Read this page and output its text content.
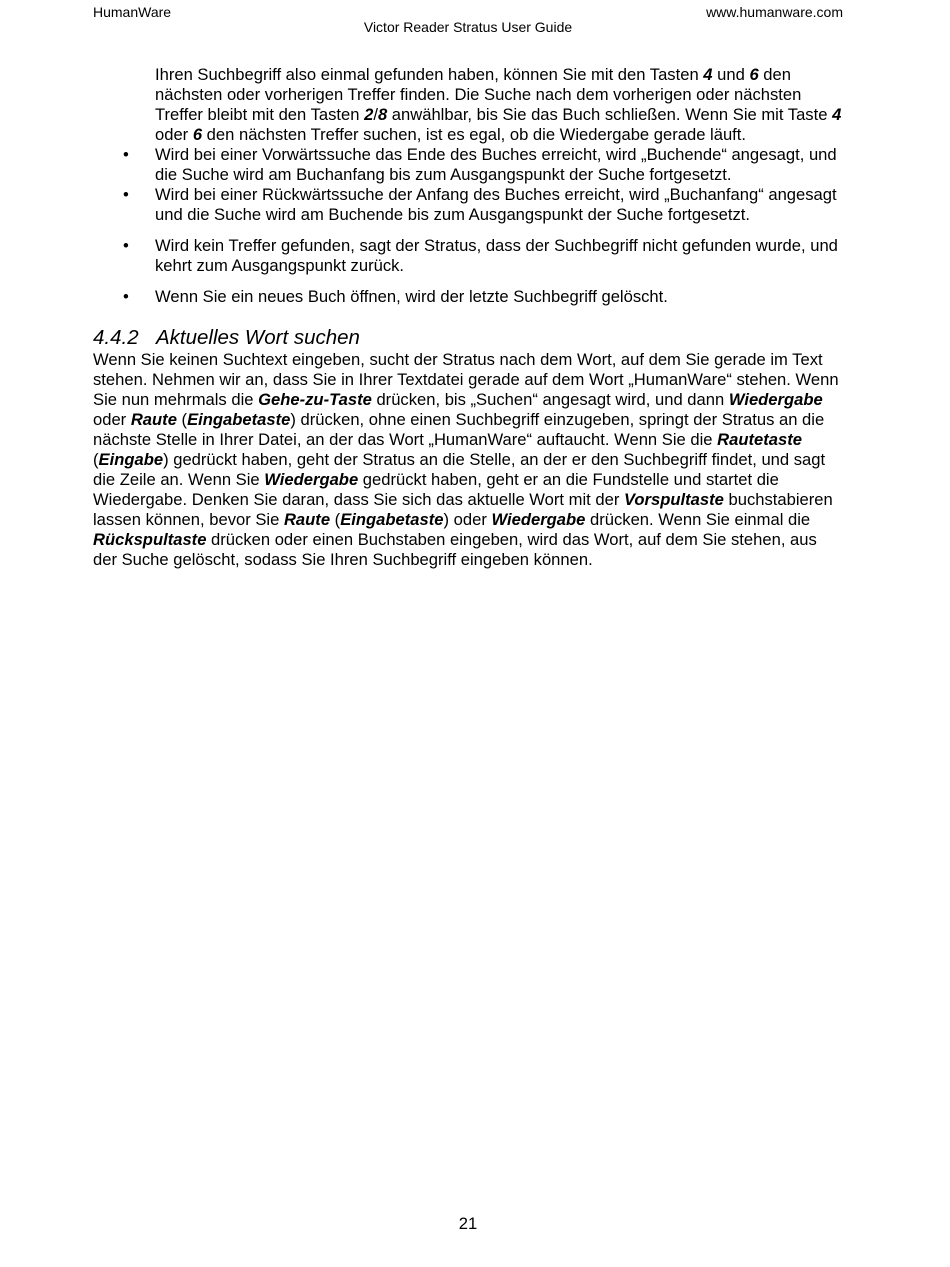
HumanWare	www.humanware.com
Victor Reader Stratus User Guide

Ihren Suchbegriff also einmal gefunden haben, können Sie mit den Tasten 4 und 6 den nächsten oder vorherigen Treffer finden. Die Suche nach dem vorherigen oder nächsten Treffer bleibt mit den Tasten 2/8 anwählbar, bis Sie das Buch schließen. Wenn Sie mit Taste 4 oder 6 den nächsten Treffer suchen, ist es egal, ob die Wiedergabe gerade läuft.

• Wird bei einer Vorwärtssuche das Ende des Buches erreicht, wird „Buchende“ angesagt, und die Suche wird am Buchanfang bis zum Ausgangspunkt der Suche fortgesetzt.
• Wird bei einer Rückwärtssuche der Anfang des Buches erreicht, wird „Buchanfang“ angesagt und die Suche wird am Buchende bis zum Ausgangspunkt der Suche fortgesetzt.
• Wird kein Treffer gefunden, sagt der Stratus, dass der Suchbegriff nicht gefunden wurde, und kehrt zum Ausgangspunkt zurück.
• Wenn Sie ein neues Buch öffnen, wird der letzte Suchbegriff gelöscht.
4.4.2 Aktuelles Wort suchen

Wenn Sie keinen Suchtext eingeben, sucht der Stratus nach dem Wort, auf dem Sie gerade im Text stehen. Nehmen wir an, dass Sie in Ihrer Textdatei gerade auf dem Wort „HumanWare“ stehen. Wenn Sie nun mehrmals die Gehe-zu-Taste drücken, bis „Suchen“ angesagt wird, und dann Wiedergabe oder Raute (Eingabetaste) drücken, ohne einen Suchbegriff einzugeben, springt der Stratus an die nächste Stelle in Ihrer Datei, an der das Wort „HumanWare“ auftaucht. Wenn Sie die Rautetaste (Eingabe) gedrückt haben, geht der Stratus an die Stelle, an der er den Suchbegriff findet, und sagt die Zeile an. Wenn Sie Wiedergabe gedrückt haben, geht er an die Fundstelle und startet die Wiedergabe. Denken Sie daran, dass Sie sich das aktuelle Wort mit der Vorspultaste buchstabieren lassen können, bevor Sie Raute (Eingabetaste) oder Wiedergabe drücken. Wenn Sie einmal die Rückspultaste drücken oder einen Buchstaben eingeben, wird das Wort, auf dem Sie stehen, aus der Suche gelöscht, sodass Sie Ihren Suchbegriff eingeben können.

21
